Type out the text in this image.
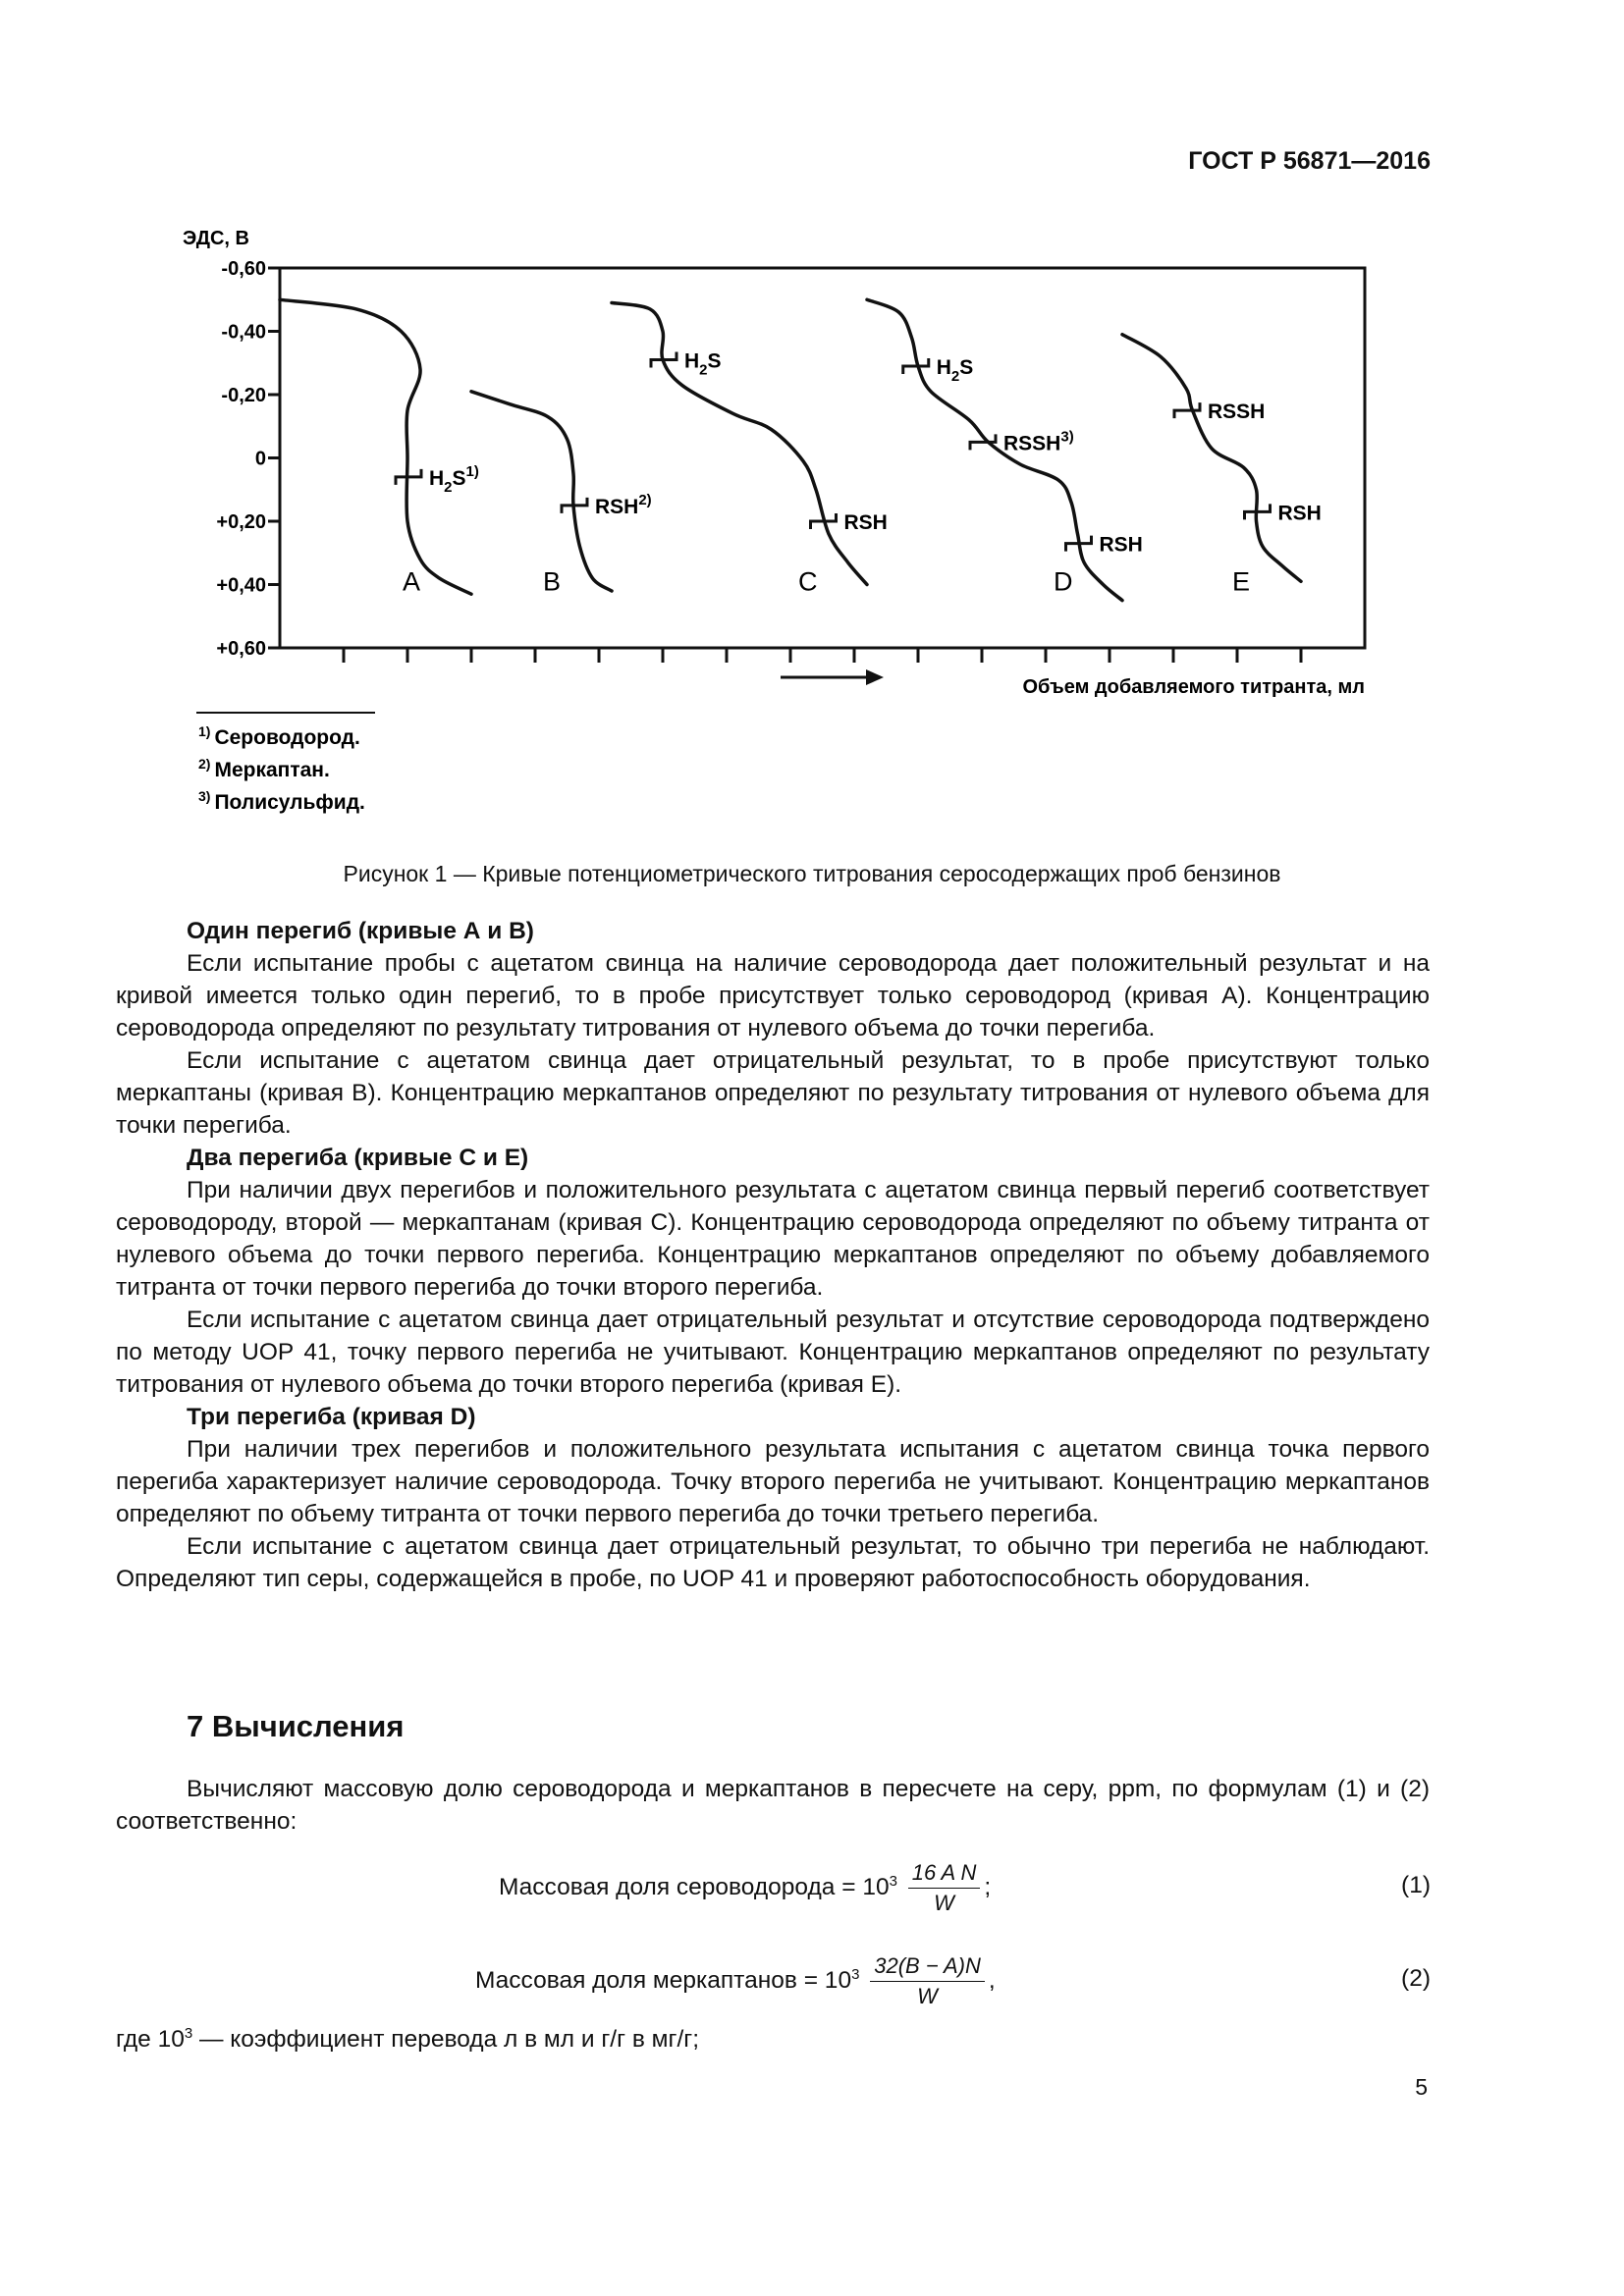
ГОСТ Р 56871—2016
ЭДС, В
-0,60
-0,40
-0,20
0
+0,20
+0,40
+0,60
Объем добавляемого титранта, мл
A
$H_2S^{1)}$
B
RSH$^{2)}$
C
$H_2S$
RSH
D
$H_2S$
RSSH$^{3)}$
RSH
E
RSSH
RSH
$^{1)}$ Сероводород.
$^{2)}$ Меркаптан.
$^{3)}$ Полисульфид.
Рисунок 1 — Кривые потенциометрического титрования серосодержащих проб бензинов

Один перегиб (кривые А и В)

Если испытание пробы с ацетатом свинца на наличие сероводорода дает положительный результат и на кривой имеется только один перегиб, то в пробе присутствует только сероводород (кривая А). Концентрацию сероводорода определяют по результату титрования от нулевого объема до точки перегиба.

Если испытание с ацетатом свинца дает отрицательный результат, то в пробе присутствуют только меркаптаны (кривая В). Концентрацию меркаптанов определяют по результату титрования от нулевого объема для точки перегиба.

Два перегиба (кривые С и Е)

При наличии двух перегибов и положительного результата с ацетатом свинца первый перегиб соответствует сероводороду, второй — меркаптанам (кривая С). Концентрацию сероводорода определяют по объему титранта от нулевого объема до точки первого перегиба. Концентрацию меркаптанов определяют по объему добавляемого титранта от точки первого перегиба до точки второго перегиба.

Если испытание с ацетатом свинца дает отрицательный результат и отсутствие сероводорода подтверждено по методу UOP 41, точку первого перегиба не учитывают. Концентрацию меркаптанов определяют по результату титрования от нулевого объема до точки второго перегиба (кривая Е).

Три перегиба (кривая D)

При наличии трех перегибов и положительного результата испытания с ацетатом свинца точка первого перегиба характеризует наличие сероводорода. Точку второго перегиба не учитывают. Концентрацию меркаптанов определяют по объему титранта от точки первого перегиба до точки третьего перегиба.

Если испытание с ацетатом свинца дает отрицательный результат, то обычно три перегиба не наблюдают. Определяют тип серы, содержащейся в пробе, по UOP 41 и проверяют работоспособность оборудования.

7 Вычисления

Вычисляют массовую долю сероводорода и меркаптанов в пересчете на серу, ppm, по формулам (1) и (2) соответственно:

Массовая доля сероводорода = $10^3 \frac{\text{16 A N}}{W}$ ;	(1)
Массовая доля меркаптанов = $10^3 \frac{32(B - A)N}{W}$ ,	(2)
где $10^3$ — коэффициент перевода л в мл и г/г в мг/г;
5
